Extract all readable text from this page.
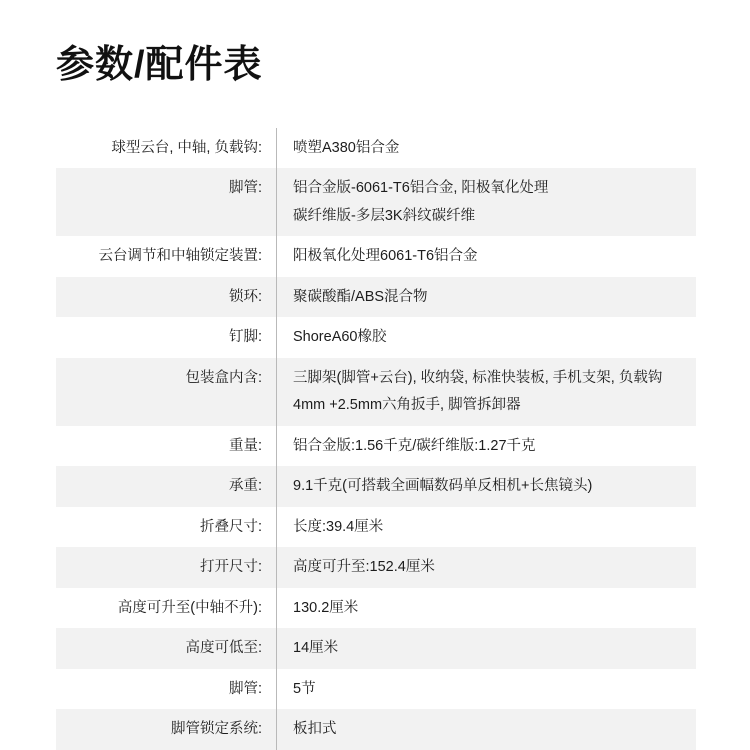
参数/配件表
球型云台, 中轴, 负载钩:	喷塑A380铝合金

脚管:	铝合金版-6061-T6铝合金, 阳极氧化处理
碳纤维版-多层3K斜纹碳纤维

云台调节和中轴锁定装置:	阳极氧化处理6061-T6铝合金

锁环:	聚碳酸酯/ABS混合物

钉脚:	ShoreA60橡胶

包装盒内含:	三脚架(脚管+云台), 收纳袋, 标准快装板, 手机支架, 负载钩
4mm +2.5mm六角扳手, 脚管拆卸器

重量:	铝合金版:1.56千克/碳纤维版:1.27千克

承重:	9.1千克(可搭载全画幅数码单反相机+长焦镜头)

折叠尺寸:	长度:39.4厘米

打开尺寸:	高度可升至:152.4厘米

高度可升至(中轴不升):	130.2厘米

高度可低至:	14厘米

脚管:	5节

脚管锁定系统:	板扣式
